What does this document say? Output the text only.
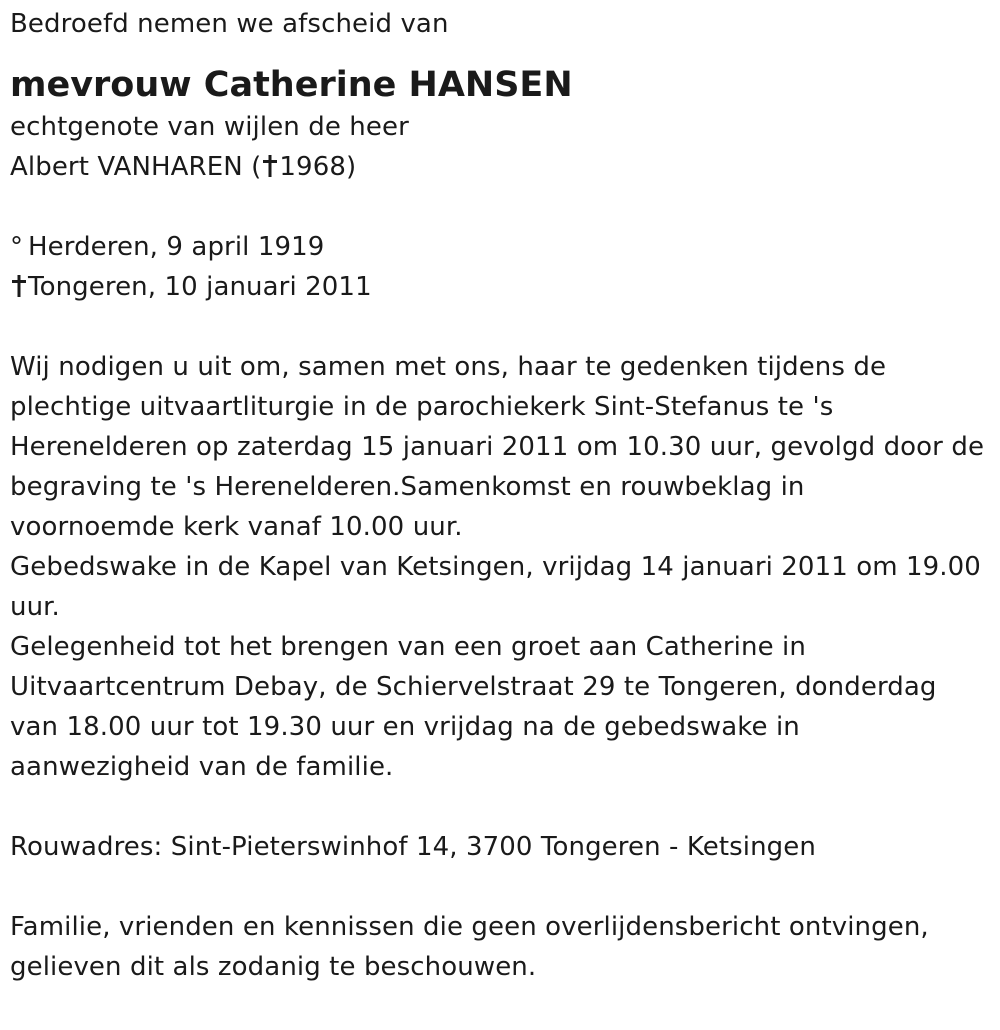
Bedroefd nemen we afscheid van
mevrouw Catherine HANSEN
echtgenote van wijlen de heer
Albert VANHAREN ( 1968)
° Herderen, 9 april 1919
Tongeren, 10 januari 2011
Wij nodigen u uit om, samen met ons, haar te gedenken tijdens de
plechtige uitvaartliturgie in de parochiekerk Sint-Stefanus te 's
Herenelderen op zaterdag 15 januari 2011 om 10.30 uur, gevolgd door de
begraving te 's Herenelderen.Samenkomst en rouwbeklag in
voornoemde kerk vanaf 10.00 uur.
Gebedswake in de Kapel van Ketsingen, vrijdag 14 januari 2011 om 19.00
uur.
Gelegenheid tot het brengen van een groet aan Catherine in
Uitvaartcentrum Debay, de Schiervelstraat 29 te Tongeren, donderdag
van 18.00 uur tot 19.30 uur en vrijdag na de gebedswake in
aanwezigheid van de familie.
Rouwadres: Sint-Pieterswinhof 14, 3700 Tongeren - Ketsingen
Familie, vrienden en kennissen die geen overlijdensbericht ontvingen,
gelieven dit als zodanig te beschouwen.
